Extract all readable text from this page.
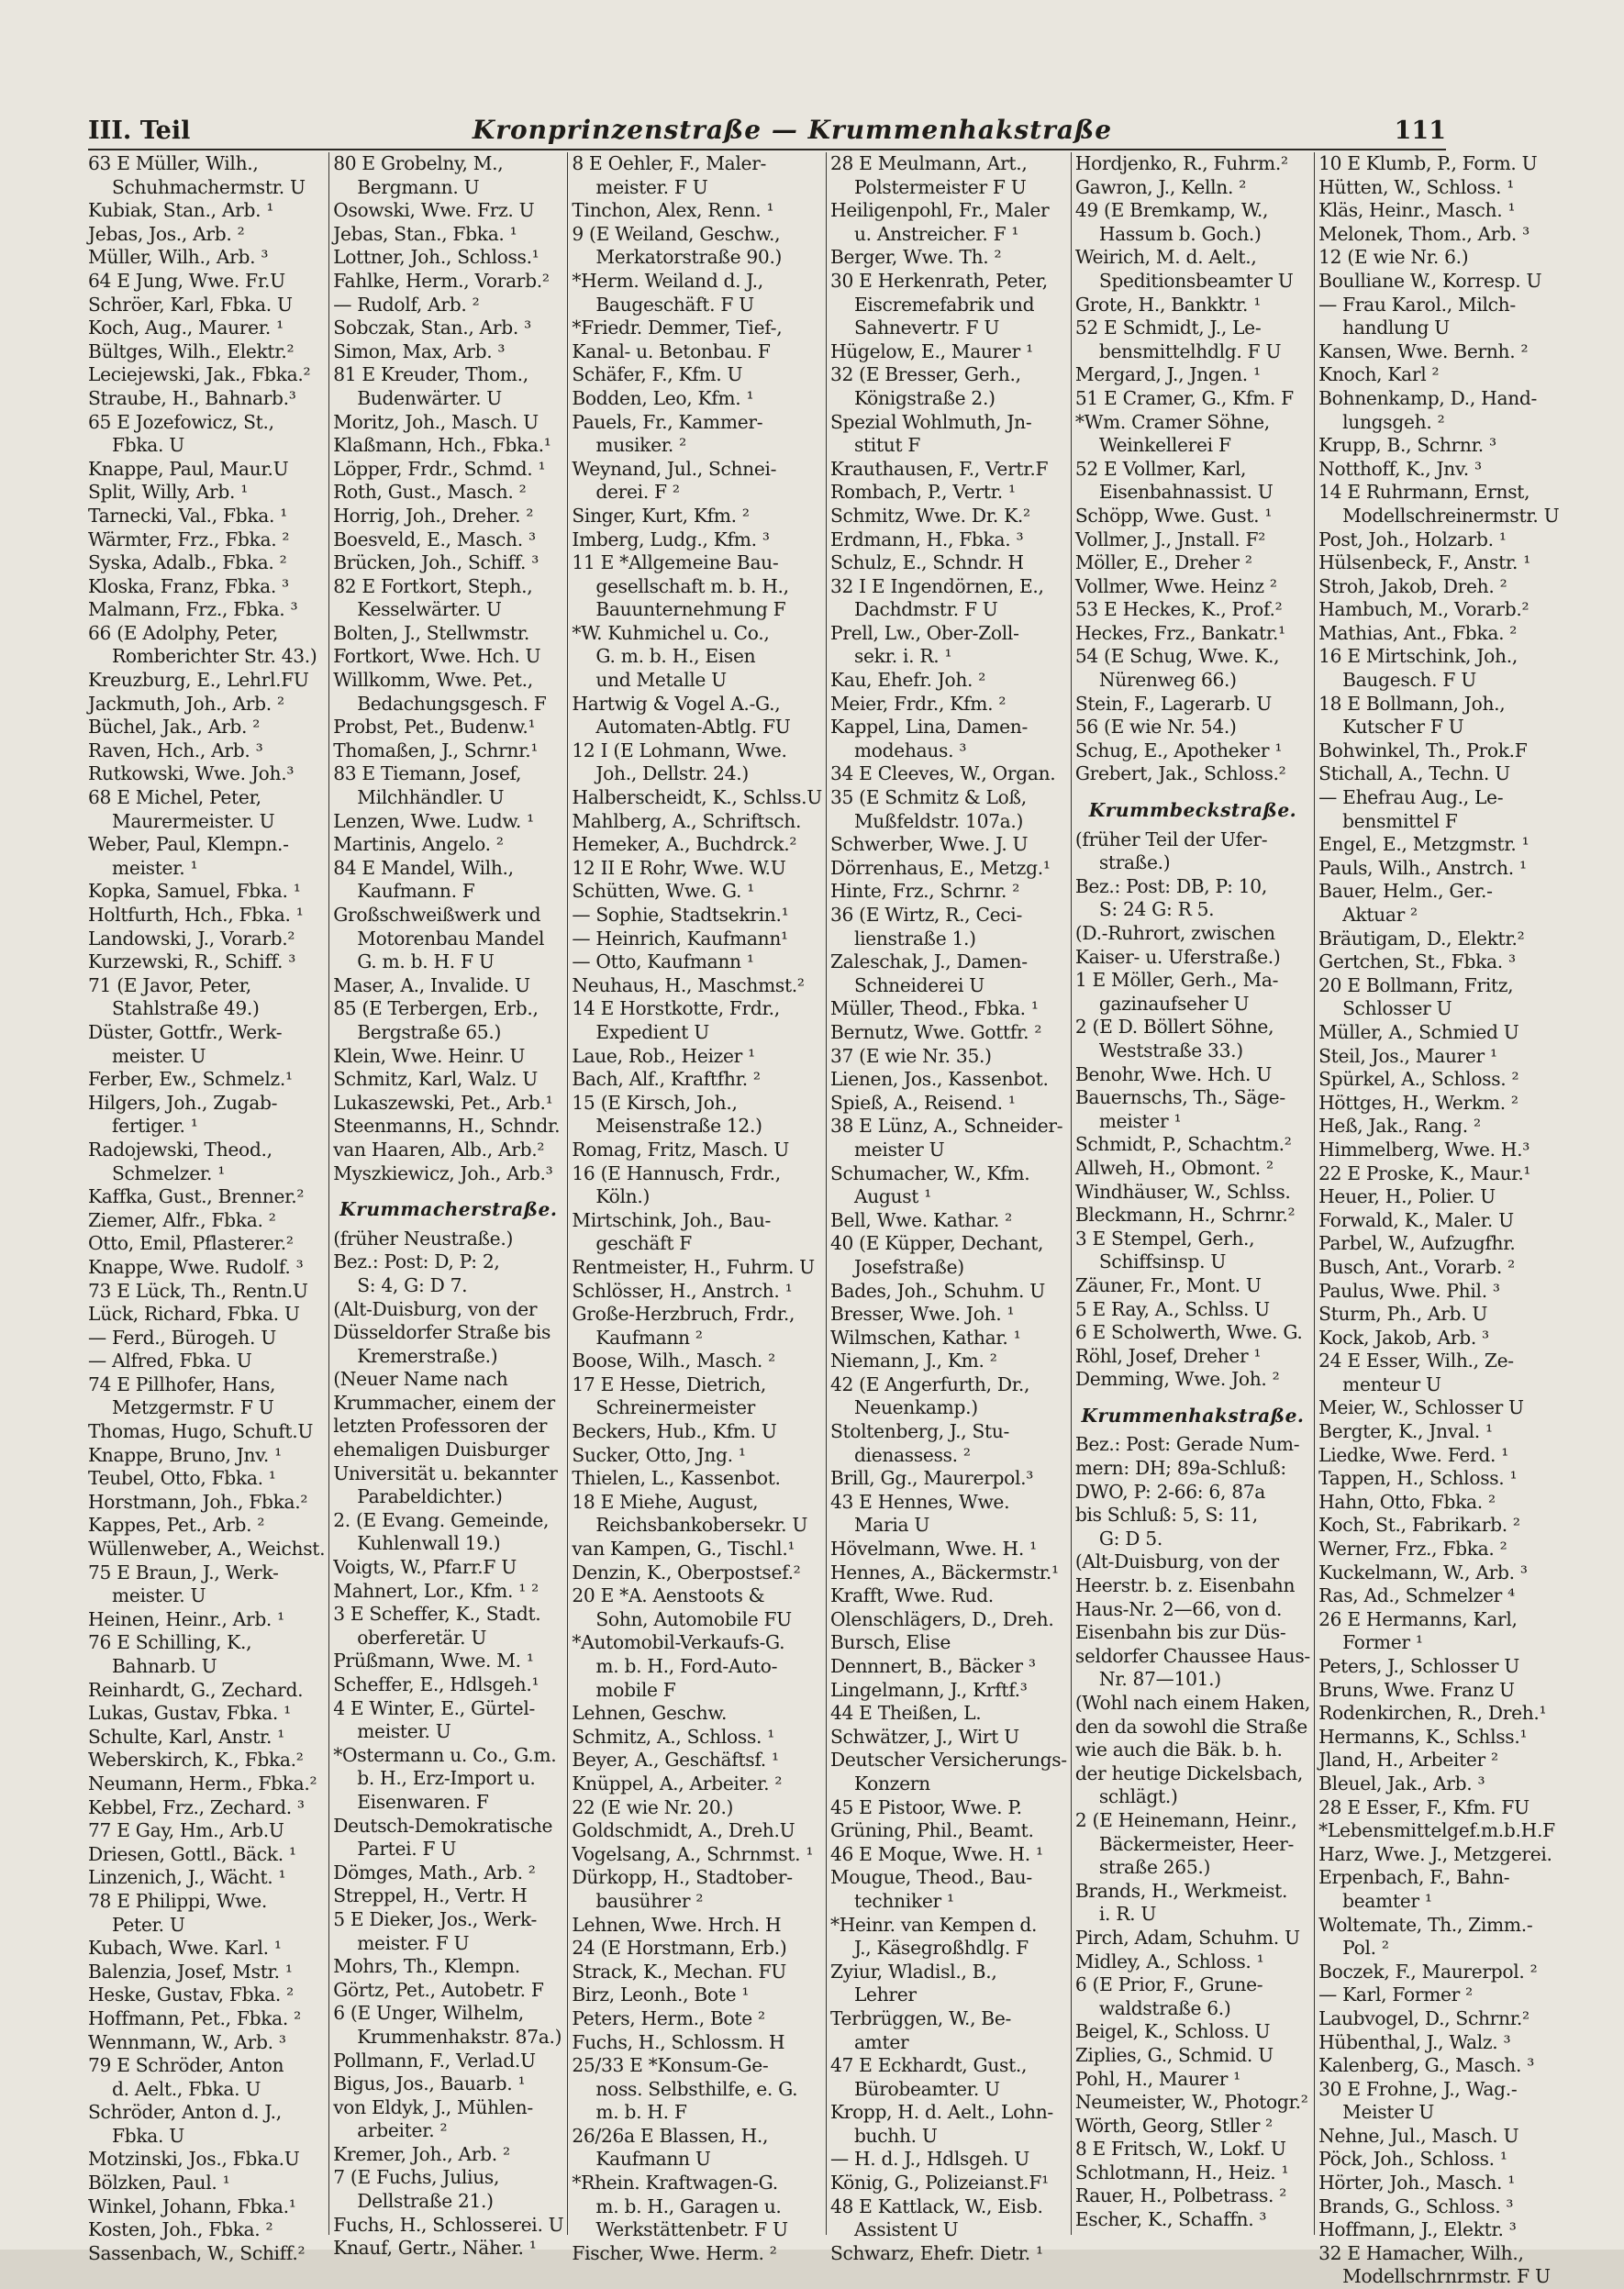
III. Teil	Kronprinzenstraße — Krummenhakstraße	111

63 E Müller, Wilh.,

Schuhmachermstr. U

Kubiak, Stan., Arb. ¹

Jebas, Jos., Arb. ²

Müller, Wilh., Arb. ³

64 E Jung, Wwe. Fr.U

Schröer, Karl, Fbka. U

Koch, Aug., Maurer. ¹

Bültges, Wilh., Elektr.²

Leciejewski, Jak., Fbka.²

Straube, H., Bahnarb.³

65 E Jozefowicz, St.,

Fbka. U

Knappe, Paul, Maur.U

Split, Willy, Arb. ¹

Tarnecki, Val., Fbka. ¹

Wärmter, Frz., Fbka. ²

Syska, Adalb., Fbka. ²

Kloska, Franz, Fbka. ³

Malmann, Frz., Fbka. ³

66 (E Adolphy, Peter,

Romberichter Str. 43.)

Kreuzburg, E., Lehrl.FU

Jackmuth, Joh., Arb. ²

Büchel, Jak., Arb. ²

Raven, Hch., Arb. ³

Rutkowski, Wwe. Joh.³

68 E Michel, Peter,

Maurermeister. U

Weber, Paul, Klempn.-

meister. ¹

Kopka, Samuel, Fbka. ¹

Holtfurth, Hch., Fbka. ¹

Landowski, J., Vorarb.²

Kurzewski, R., Schiff. ³

71 (E Javor, Peter,

Stahlstraße 49.)

Düster, Gottfr., Werk-

meister. U

Ferber, Ew., Schmelz.¹

Hilgers, Joh., Zugab-

fertiger. ¹

Radojewski, Theod.,

Schmelzer. ¹

Kaffka, Gust., Brenner.²

Ziemer, Alfr., Fbka. ²

Otto, Emil, Pflasterer.²

Knappe, Wwe. Rudolf. ³

73 E Lück, Th., Rentn.U

Lück, Richard, Fbka. U

— Ferd., Bürogeh. U

— Alfred, Fbka. U

74 E Pillhofer, Hans,

Metzgermstr. F U

Thomas, Hugo, Schuft.U

Knappe, Bruno, Jnv. ¹

Teubel, Otto, Fbka. ¹

Horstmann, Joh., Fbka.²

Kappes, Pet., Arb. ²

Wüllenweber, A., Weichst.

75 E Braun, J., Werk-

meister. U

Heinen, Heinr., Arb. ¹

76 E Schilling, K.,

Bahnarb. U

Reinhardt, G., Zechard.

Lukas, Gustav, Fbka. ¹

Schulte, Karl, Anstr. ¹

Weberskirch, K., Fbka.²

Neumann, Herm., Fbka.²

Kebbel, Frz., Zechard. ³

77 E Gay, Hm., Arb.U

Driesen, Gottl., Bäck. ¹

Linzenich, J., Wächt. ¹

78 E Philippi, Wwe.

Peter. U

Kubach, Wwe. Karl. ¹

Balenzia, Josef, Mstr. ¹

Heske, Gustav, Fbka. ²

Hoffmann, Pet., Fbka. ²

Wennmann, W., Arb. ³

79 E Schröder, Anton

d. Aelt., Fbka. U

Schröder, Anton d. J.,

Fbka. U

Motzinski, Jos., Fbka.U

Bölzken, Paul. ¹

Winkel, Johann, Fbka.¹

Kosten, Joh., Fbka. ²

Sassenbach, W., Schiff.²

80 E Grobelny, M.,

Bergmann. U

Osowski, Wwe. Frz. U

Jebas, Stan., Fbka. ¹

Lottner, Joh., Schloss.¹

Fahlke, Herm., Vorarb.²

— Rudolf, Arb. ²

Sobczak, Stan., Arb. ³

Simon, Max, Arb. ³

81 E Kreuder, Thom.,

Budenwärter. U

Moritz, Joh., Masch. U

Klaßmann, Hch., Fbka.¹

Löpper, Frdr., Schmd. ¹

Roth, Gust., Masch. ²

Horrig, Joh., Dreher. ²

Boesveld, E., Masch. ³

Brücken, Joh., Schiff. ³

82 E Fortkort, Steph.,

Kesselwärter. U

Bolten, J., Stellwmstr.

Fortkort, Wwe. Hch. U

Willkomm, Wwe. Pet.,

Bedachungsgesch. F

Probst, Pet., Budenw.¹

Thomaßen, J., Schrnr.¹

83 E Tiemann, Josef,

Milchhändler. U

Lenzen, Wwe. Ludw. ¹

Martinis, Angelo. ²

84 E Mandel, Wilh.,

Kaufmann. F

Großschweißwerk und

Motorenbau Mandel

G. m. b. H. F U

Maser, A., Invalide. U

85 (E Terbergen, Erb.,

Bergstraße 65.)

Klein, Wwe. Heinr. U

Schmitz, Karl, Walz. U

Lukaszewski, Pet., Arb.¹

Steenmanns, H., Schndr.

van Haaren, Alb., Arb.²

Myszkiewicz, Joh., Arb.³

Krummacherstraße.

(früher Neustraße.)

Bez.: Post: D, P: 2,

S: 4, G: D 7.

(Alt-Duisburg, von der

Düsseldorfer Straße bis

Kremerstraße.)

(Neuer Name nach

Krummacher, einem der

letzten Professoren der

ehemaligen Duisburger

Universität u. bekannter

Parabeldichter.)

2. (E Evang. Gemeinde,

Kuhlenwall 19.)

Voigts, W., Pfarr.F U

Mahnert, Lor., Kfm. ¹ ²

3 E Scheffer, K., Stadt.

oberferetär. U

Prüßmann, Wwe. M. ¹

Scheffer, E., Hdlsgeh.¹

4 E Winter, E., Gürtel-

meister. U

*Ostermann u. Co., G.m.

b. H., Erz-Import u.

Eisenwaren. F

Deutsch-Demokratische

Partei. F U

Dömges, Math., Arb. ²

Streppel, H., Vertr. H

5 E Dieker, Jos., Werk-

meister. F U

Mohrs, Th., Klempn.

Görtz, Pet., Autobetr. F

6 (E Unger, Wilhelm,

Krummenhakstr. 87a.)

Pollmann, F., Verlad.U

Bigus, Jos., Bauarb. ¹

von Eldyk, J., Mühlen-

arbeiter. ²

Kremer, Joh., Arb. ²

7 (E Fuchs, Julius,

Dellstraße 21.)

Fuchs, H., Schlosserei. U

Knauf, Gertr., Näher. ¹

8 E Oehler, F., Maler-

meister. F U

Tinchon, Alex, Renn. ¹

9 (E Weiland, Geschw.,

Merkatorstraße 90.)

*Herm. Weiland d. J.,

Baugeschäft. F U

*Friedr. Demmer, Tief-,

Kanal- u. Betonbau. F

Schäfer, F., Kfm. U

Bodden, Leo, Kfm. ¹

Pauels, Fr., Kammer-

musiker. ²

Weynand, Jul., Schnei-

derei. F ²

Singer, Kurt, Kfm. ²

Imberg, Ludg., Kfm. ³

11 E *Allgemeine Bau-

gesellschaft m. b. H.,

Bauunternehmung F

*W. Kuhmichel u. Co.,

G. m. b. H., Eisen

und Metalle U

Hartwig & Vogel A.-G.,

Automaten-Abtlg. FU

12 I (E Lohmann, Wwe.

Joh., Dellstr. 24.)

Halberscheidt, K., Schlss.U

Mahlberg, A., Schriftsch.

Hemeker, A., Buchdrck.²

12 II E Rohr, Wwe. W.U

Schütten, Wwe. G. ¹

— Sophie, Stadtsekrin.¹

— Heinrich, Kaufmann¹

— Otto, Kaufmann ¹

Neuhaus, H., Maschmst.²

14 E Horstkotte, Frdr.,

Expedient U

Laue, Rob., Heizer ¹

Bach, Alf., Kraftfhr. ²

15 (E Kirsch, Joh.,

Meisenstraße 12.)

Romag, Fritz, Masch. U

16 (E Hannusch, Frdr.,

Köln.)

Mirtschink, Joh., Bau-

geschäft F

Rentmeister, H., Fuhrm. U

Schlösser, H., Anstrch. ¹

Große-Herzbruch, Frdr.,

Kaufmann ²

Boose, Wilh., Masch. ²

17 E Hesse, Dietrich,

Schreinermeister

Beckers, Hub., Kfm. U

Sucker, Otto, Jng. ¹

Thielen, L., Kassenbot.

18 E Miehe, August,

Reichsbankobersekr. U

van Kampen, G., Tischl.¹

Denzin, K., Oberpostsef.²

20 E *A. Aenstoots &

Sohn, Automobile FU

*Automobil-Verkaufs-G.

m. b. H., Ford-Auto-

mobile F

Lehnen, Geschw.

Schmitz, A., Schloss. ¹

Beyer, A., Geschäftsf. ¹

Knüppel, A., Arbeiter. ²

22 (E wie Nr. 20.)

Goldschmidt, A., Dreh.U

Vogelsang, A., Schrnmst. ¹

Dürkopp, H., Stadtober-

bausührer ²

Lehnen, Wwe. Hrch. H

24 (E Horstmann, Erb.)

Strack, K., Mechan. FU

Birz, Leonh., Bote ¹

Peters, Herm., Bote ²

Fuchs, H., Schlossm. H

25/33 E *Konsum-Ge-

noss. Selbsthilfe, e. G.

m. b. H. F

26/26a E Blassen, H.,

Kaufmann U

*Rhein. Kraftwagen-G.

m. b. H., Garagen u.

Werkstättenbetr. F U

Fischer, Wwe. Herm. ²

28 E Meulmann, Art.,

Polstermeister F U

Heiligenpohl, Fr., Maler

u. Anstreicher. F ¹

Berger, Wwe. Th. ²

30 E Herkenrath, Peter,

Eiscremefabrik und

Sahnevertr. F U

Hügelow, E., Maurer ¹

32 (E Bresser, Gerh.,

Königstraße 2.)

Spezial Wohlmuth, Jn-

stitut F

Krauthausen, F., Vertr.F

Rombach, P., Vertr. ¹

Schmitz, Wwe. Dr. K.²

Erdmann, H., Fbka. ³

Schulz, E., Schndr. H

32 I E Ingendörnen, E.,

Dachdmstr. F U

Prell, Lw., Ober-Zoll-

sekr. i. R. ¹

Kau, Ehefr. Joh. ²

Meier, Frdr., Kfm. ²

Kappel, Lina, Damen-

modehaus. ³

34 E Cleeves, W., Organ.

35 (E Schmitz & Loß,

Mußfeldstr. 107a.)

Schwerber, Wwe. J. U

Dörrenhaus, E., Metzg.¹

Hinte, Frz., Schrnr. ²

36 (E Wirtz, R., Ceci-

lienstraße 1.)

Zaleschak, J., Damen-

Schneiderei U

Müller, Theod., Fbka. ¹

Bernutz, Wwe. Gottfr. ²

37 (E wie Nr. 35.)

Lienen, Jos., Kassenbot.

Spieß, A., Reisend. ¹

38 E Lünz, A., Schneider-

meister U

Schumacher, W., Kfm.

August ¹

Bell, Wwe. Kathar. ²

40 (E Küpper, Dechant,

Josefstraße)

Bades, Joh., Schuhm. U

Bresser, Wwe. Joh. ¹

Wilmschen, Kathar. ¹

Niemann, J., Km. ²

42 (E Angerfurth, Dr.,

Neuenkamp.)

Stoltenberg, J., Stu-

dienassess. ²

Brill, Gg., Maurerpol.³

43 E Hennes, Wwe.

Maria U

Hövelmann, Wwe. H. ¹

Hennes, A., Bäckermstr.¹

Krafft, Wwe. Rud.

Olenschlägers, D., Dreh.

Bursch, Elise

Dennnert, B., Bäcker ³

Lingelmann, J., Krftf.³

44 E Theißen, L.

Schwätzer, J., Wirt U

Deutscher Versicherungs-

Konzern

45 E Pistoor, Wwe. P.

Grüning, Phil., Beamt.

46 E Moque, Wwe. H. ¹

Mougue, Theod., Bau-

techniker ¹

*Heinr. van Kempen d.

J., Käsegroßhdlg. F

Zyiur, Wladisl., B.,

Lehrer

Terbrüggen, W., Be-

amter

47 E Eckhardt, Gust.,

Bürobeamter. U

Kropp, H. d. Aelt., Lohn-

buchh. U

— H. d. J., Hdlsgeh. U

König, G., Polizeianst.F¹

48 E Kattlack, W., Eisb.

Assistent U

Schwarz, Ehefr. Dietr. ¹

Hordjenko, R., Fuhrm.²

Gawron, J., Kelln. ²

49 (E Bremkamp, W.,

Hassum b. Goch.)

Weirich, M. d. Aelt.,

Speditionsbeamter U

Grote, H., Bankktr. ¹

52 E Schmidt, J., Le-

bensmittelhdlg. F U

Mergard, J., Jngen. ¹

51 E Cramer, G., Kfm. F

*Wm. Cramer Söhne,

Weinkellerei F

52 E Vollmer, Karl,

Eisenbahnassist. U

Schöpp, Wwe. Gust. ¹

Vollmer, J., Jnstall. F²

Möller, E., Dreher ²

Vollmer, Wwe. Heinz ²

53 E Heckes, K., Prof.²

Heckes, Frz., Bankatr.¹

54 (E Schug, Wwe. K.,

Nürenweg 66.)

Stein, F., Lagerarb. U

56 (E wie Nr. 54.)

Schug, E., Apotheker ¹

Grebert, Jak., Schloss.²

Krummbeckstraße.

(früher Teil der Ufer-

straße.)

Bez.: Post: DB, P: 10,

S: 24 G: R 5.

(D.-Ruhrort, zwischen

Kaiser- u. Uferstraße.)

1 E Möller, Gerh., Ma-

gazinaufseher U

2 (E D. Böllert Söhne,

Weststraße 33.)

Benohr, Wwe. Hch. U

Bauernschs, Th., Säge-

meister ¹

Schmidt, P., Schachtm.²

Allweh, H., Obmont. ²

Windhäuser, W., Schlss.

Bleckmann, H., Schrnr.²

3 E Stempel, Gerh.,

Schiffsinsp. U

Zäuner, Fr., Mont. U

5 E Ray, A., Schlss. U

6 E Scholwerth, Wwe. G.

Röhl, Josef, Dreher ¹

Demming, Wwe. Joh. ²

Krummenhakstraße.

Bez.: Post: Gerade Num-

mern: DH; 89a-Schluß:

DWO, P: 2-66: 6, 87a

bis Schluß: 5, S: 11,

G: D 5.

(Alt-Duisburg, von der

Heerstr. b. z. Eisenbahn

Haus-Nr. 2—66, von d.

Eisenbahn bis zur Düs-

seldorfer Chaussee Haus-

Nr. 87—101.)

(Wohl nach einem Haken,

den da sowohl die Straße

wie auch die Bäk. b. h.

der heutige Dickelsbach,

schlägt.)

2 (E Heinemann, Heinr.,

Bäckermeister, Heer-

straße 265.)

Brands, H., Werkmeist.

i. R. U

Pirch, Adam, Schuhm. U

Midley, A., Schloss. ¹

6 (E Prior, F., Grune-

waldstraße 6.)

Beigel, K., Schloss. U

Ziplies, G., Schmid. U

Pohl, H., Maurer ¹

Neumeister, W., Photogr.²

Wörth, Georg, Stller ²

8 E Fritsch, W., Lokf. U

Schlotmann, H., Heiz. ¹

Rauer, H., Polbetrass. ²

Escher, K., Schaffn. ³

10 E Klumb, P., Form. U

Hütten, W., Schloss. ¹

Kläs, Heinr., Masch. ¹

Melonek, Thom., Arb. ³

12 (E wie Nr. 6.)

Boulliane W., Korresp. U

— Frau Karol., Milch-

handlung U

Kansen, Wwe. Bernh. ²

Knoch, Karl ²

Bohnenkamp, D., Hand-

lungsgeh. ²

Krupp, B., Schrnr. ³

Notthoff, K., Jnv. ³

14 E Ruhrmann, Ernst,

Modellschreinermstr. U

Post, Joh., Holzarb. ¹

Hülsenbeck, F., Anstr. ¹

Stroh, Jakob, Dreh. ²

Hambuch, M., Vorarb.²

Mathias, Ant., Fbka. ²

16 E Mirtschink, Joh.,

Baugesch. F U

18 E Bollmann, Joh.,

Kutscher F U

Bohwinkel, Th., Prok.F

Stichall, A., Techn. U

— Ehefrau Aug., Le-

bensmittel F

Engel, E., Metzgmstr. ¹

Pauls, Wilh., Anstrch. ¹

Bauer, Helm., Ger.-

Aktuar ²

Bräutigam, D., Elektr.²

Gertchen, St., Fbka. ³

20 E Bollmann, Fritz,

Schlosser U

Müller, A., Schmied U

Steil, Jos., Maurer ¹

Spürkel, A., Schloss. ²

Höttges, H., Werkm. ²

Heß, Jak., Rang. ²

Himmelberg, Wwe. H.³

22 E Proske, K., Maur.¹

Heuer, H., Polier. U

Forwald, K., Maler. U

Parbel, W., Aufzugfhr.

Busch, Ant., Vorarb. ²

Paulus, Wwe. Phil. ³

Sturm, Ph., Arb. U

Kock, Jakob, Arb. ³

24 E Esser, Wilh., Ze-

menteur U

Meier, W., Schlosser U

Bergter, K., Jnval. ¹

Liedke, Wwe. Ferd. ¹

Tappen, H., Schloss. ¹

Hahn, Otto, Fbka. ²

Koch, St., Fabrikarb. ²

Werner, Frz., Fbka. ²

Kuckelmann, W., Arb. ³

Ras, Ad., Schmelzer ⁴

26 E Hermanns, Karl,

Former ¹

Peters, J., Schlosser U

Bruns, Wwe. Franz U

Rodenkirchen, R., Dreh.¹

Hermanns, K., Schlss.¹

Jland, H., Arbeiter ²

Bleuel, Jak., Arb. ³

28 E Esser, F., Kfm. FU

*Lebensmittelgef.m.b.H.F

Harz, Wwe. J., Metzgerei.

Erpenbach, F., Bahn-

beamter ¹

Woltemate, Th., Zimm.-

Pol. ²

Boczek, F., Maurerpol. ²

— Karl, Former ²

Laubvogel, D., Schrnr.²

Hübenthal, J., Walz. ³

Kalenberg, G., Masch. ³

30 E Frohne, J., Wag.-

Meister U

Nehne, Jul., Masch. U

Pöck, Joh., Schloss. ¹

Hörter, Joh., Masch. ¹

Brands, G., Schloss. ³

Hoffmann, J., Elektr. ³

32 E Hamacher, Wilh.,

Modellschrnrmstr. F U
